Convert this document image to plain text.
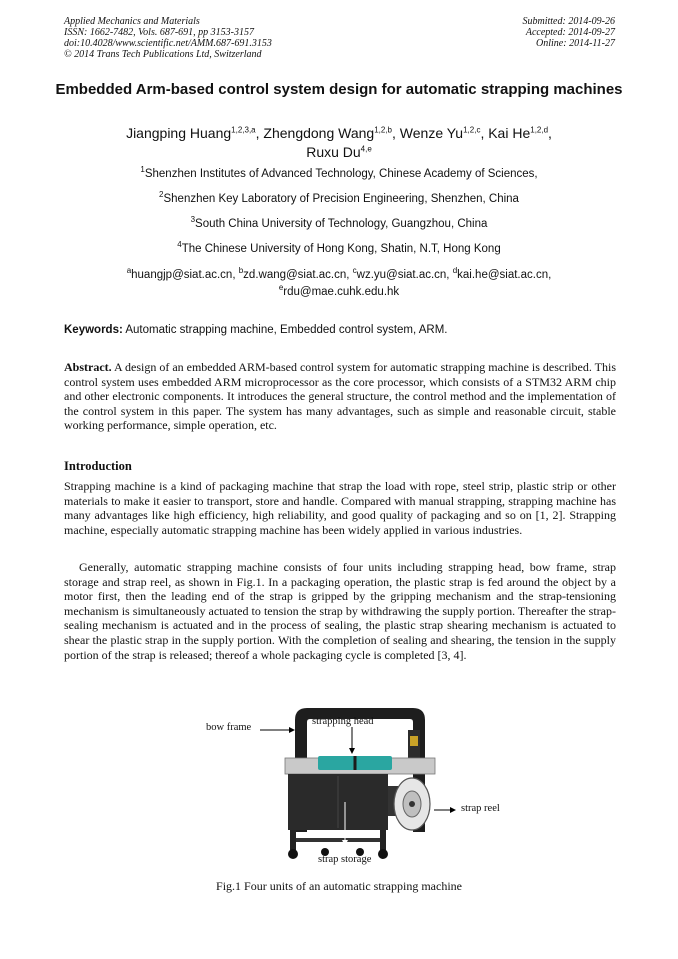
Applied Mechanics and Materials
ISSN: 1662-7482, Vols. 687-691, pp 3153-3157
doi:10.4028/www.scientific.net/AMM.687-691.3153
© 2014 Trans Tech Publications Ltd, Switzerland
Submitted: 2014-09-26
Accepted: 2014-09-27
Online: 2014-11-27
Embedded Arm-based control system design for automatic strapping machines
Jiangping Huang$^{1,2,3,a}$, Zhengdong Wang$^{1,2,b}$, Wenze Yu$^{1,2,c}$, Kai He$^{1,2,d}$,
Ruxu Du$^{4,e}$
$^1$Shenzhen Institutes of Advanced Technology, Chinese Academy of Sciences,
$^2$Shenzhen Key Laboratory of Precision Engineering, Shenzhen, China
$^3$South China University of Technology, Guangzhou, China
$^4$The Chinese University of Hong Kong, Shatin, N.T, Hong Kong
$^a$huangjp@siat.ac.cn, $^b$zd.wang@siat.ac.cn, $^c$wz.yu@siat.ac.cn, $^d$kai.he@siat.ac.cn,
$^e$rdu@mae.cuhk.edu.hk
Keywords: Automatic strapping machine, Embedded control system, ARM.
Abstract. A design of an embedded ARM-based control system for automatic strapping machine is described. This control system uses embedded ARM microprocessor as the core processor, which consists of a STM32 ARM chip and other electronic components. It introduces the general structure, the control method and the implementation of the control system in this paper. The system has many advantages, such as simple and reasonable circuit, stable working performance, simple operation, etc.
Introduction
Strapping machine is a kind of packaging machine that strap the load with rope, steel strip, plastic strip or other materials to make it easier to transport, store and handle. Compared with manual strapping, strapping machine has many advantages like high efficiency, high reliability, and good quality of packaging and so on [1, 2]. Strapping machine, especially automatic strapping machine has been widely applied in various industries.
Generally, automatic strapping machine consists of four units including strapping head, bow frame, strap storage and strap reel, as shown in Fig.1. In a packaging operation, the plastic strap is fed around the object by a motor first, then the leading end of the strap is gripped by the gripping mechanism and the strap-tensioning mechanism is simultaneously actuated to tension the strap by withdrawing the supply portion. Thereafter the strap-sealing mechanism is actuated and in the process of sealing, the plastic strap shearing mechanism is actuated to shear the plastic strap in the supply portion. With the completion of sealing and shearing, the tension in the supply portion of the strap is released; thereof a whole packaging cycle is completed [3, 4].
bow frame
strapping head
strap reel
strap storage
Fig.1 Four units of an automatic strapping machine
